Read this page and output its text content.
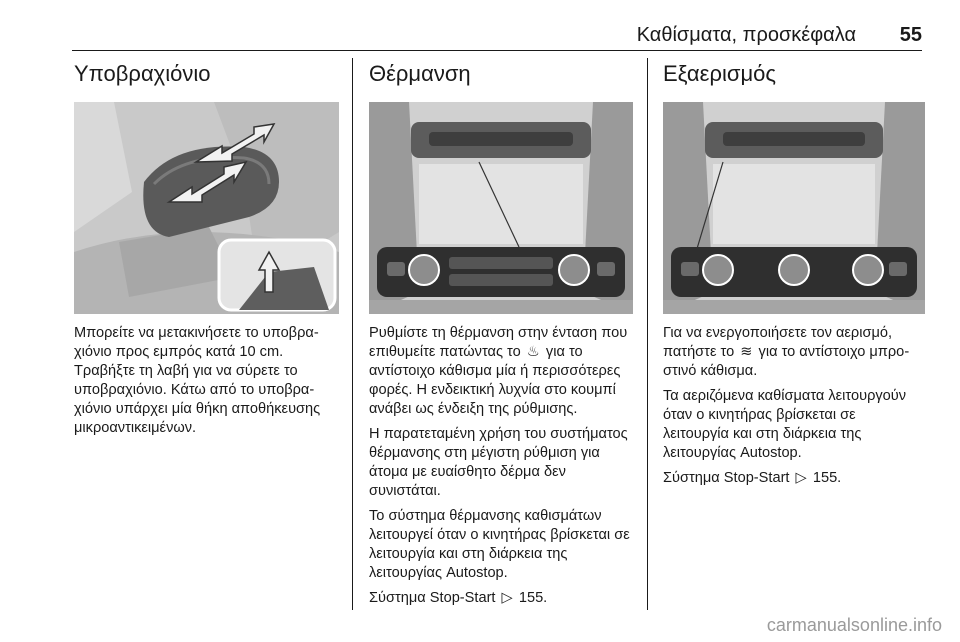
Καθίσματα, προσκέφαλα 55
Υποβραχιόνιο

Μπορείτε να μετακινήσετε το υποβραχιόνιο προς εμπρός κατά 10 cm. Τραβήξτε τη λαβή για να σύρετε το υποβραχιόνιο. Κάτω από το υποβραχιόνιο υπάρχει μία θήκη αποθήκευσης μικροαντικειμένων.

Θέρμανση

Ρυθμίστε τη θέρμανση στην ένταση που επιθυμείτε πατώντας το ♨ για το αντίστοιχο κάθισμα μία ή περισσότερες φορές. Η ενδεικτική λυχνία στο κουμπί ανάβει ως ένδειξη της ρύθμισης.

Η παρατεταμένη χρήση του συστήματος θέρμανσης στη μέγιστη ρύθμιση για άτομα με ευαίσθητο δέρμα δεν συνιστάται.

Το σύστημα θέρμανσης καθισμάτων λειτουργεί όταν ο κινητήρας βρίσκεται σε λειτουργία και στη διάρκεια της λειτουργίας Autostop.

Σύστημα Stop-Start ▷ 155.

Εξαερισμός

Για να ενεργοποιήσετε τον αερισμό, πατήστε το ≋ για το αντίστοιχο μπροστινό κάθισμα.

Τα αεριζόμενα καθίσματα λειτουργούν όταν ο κινητήρας βρίσκεται σε λειτουργία και στη διάρκεια της λειτουργίας Autostop.

Σύστημα Stop-Start ▷ 155.

carmanualsonline.info
